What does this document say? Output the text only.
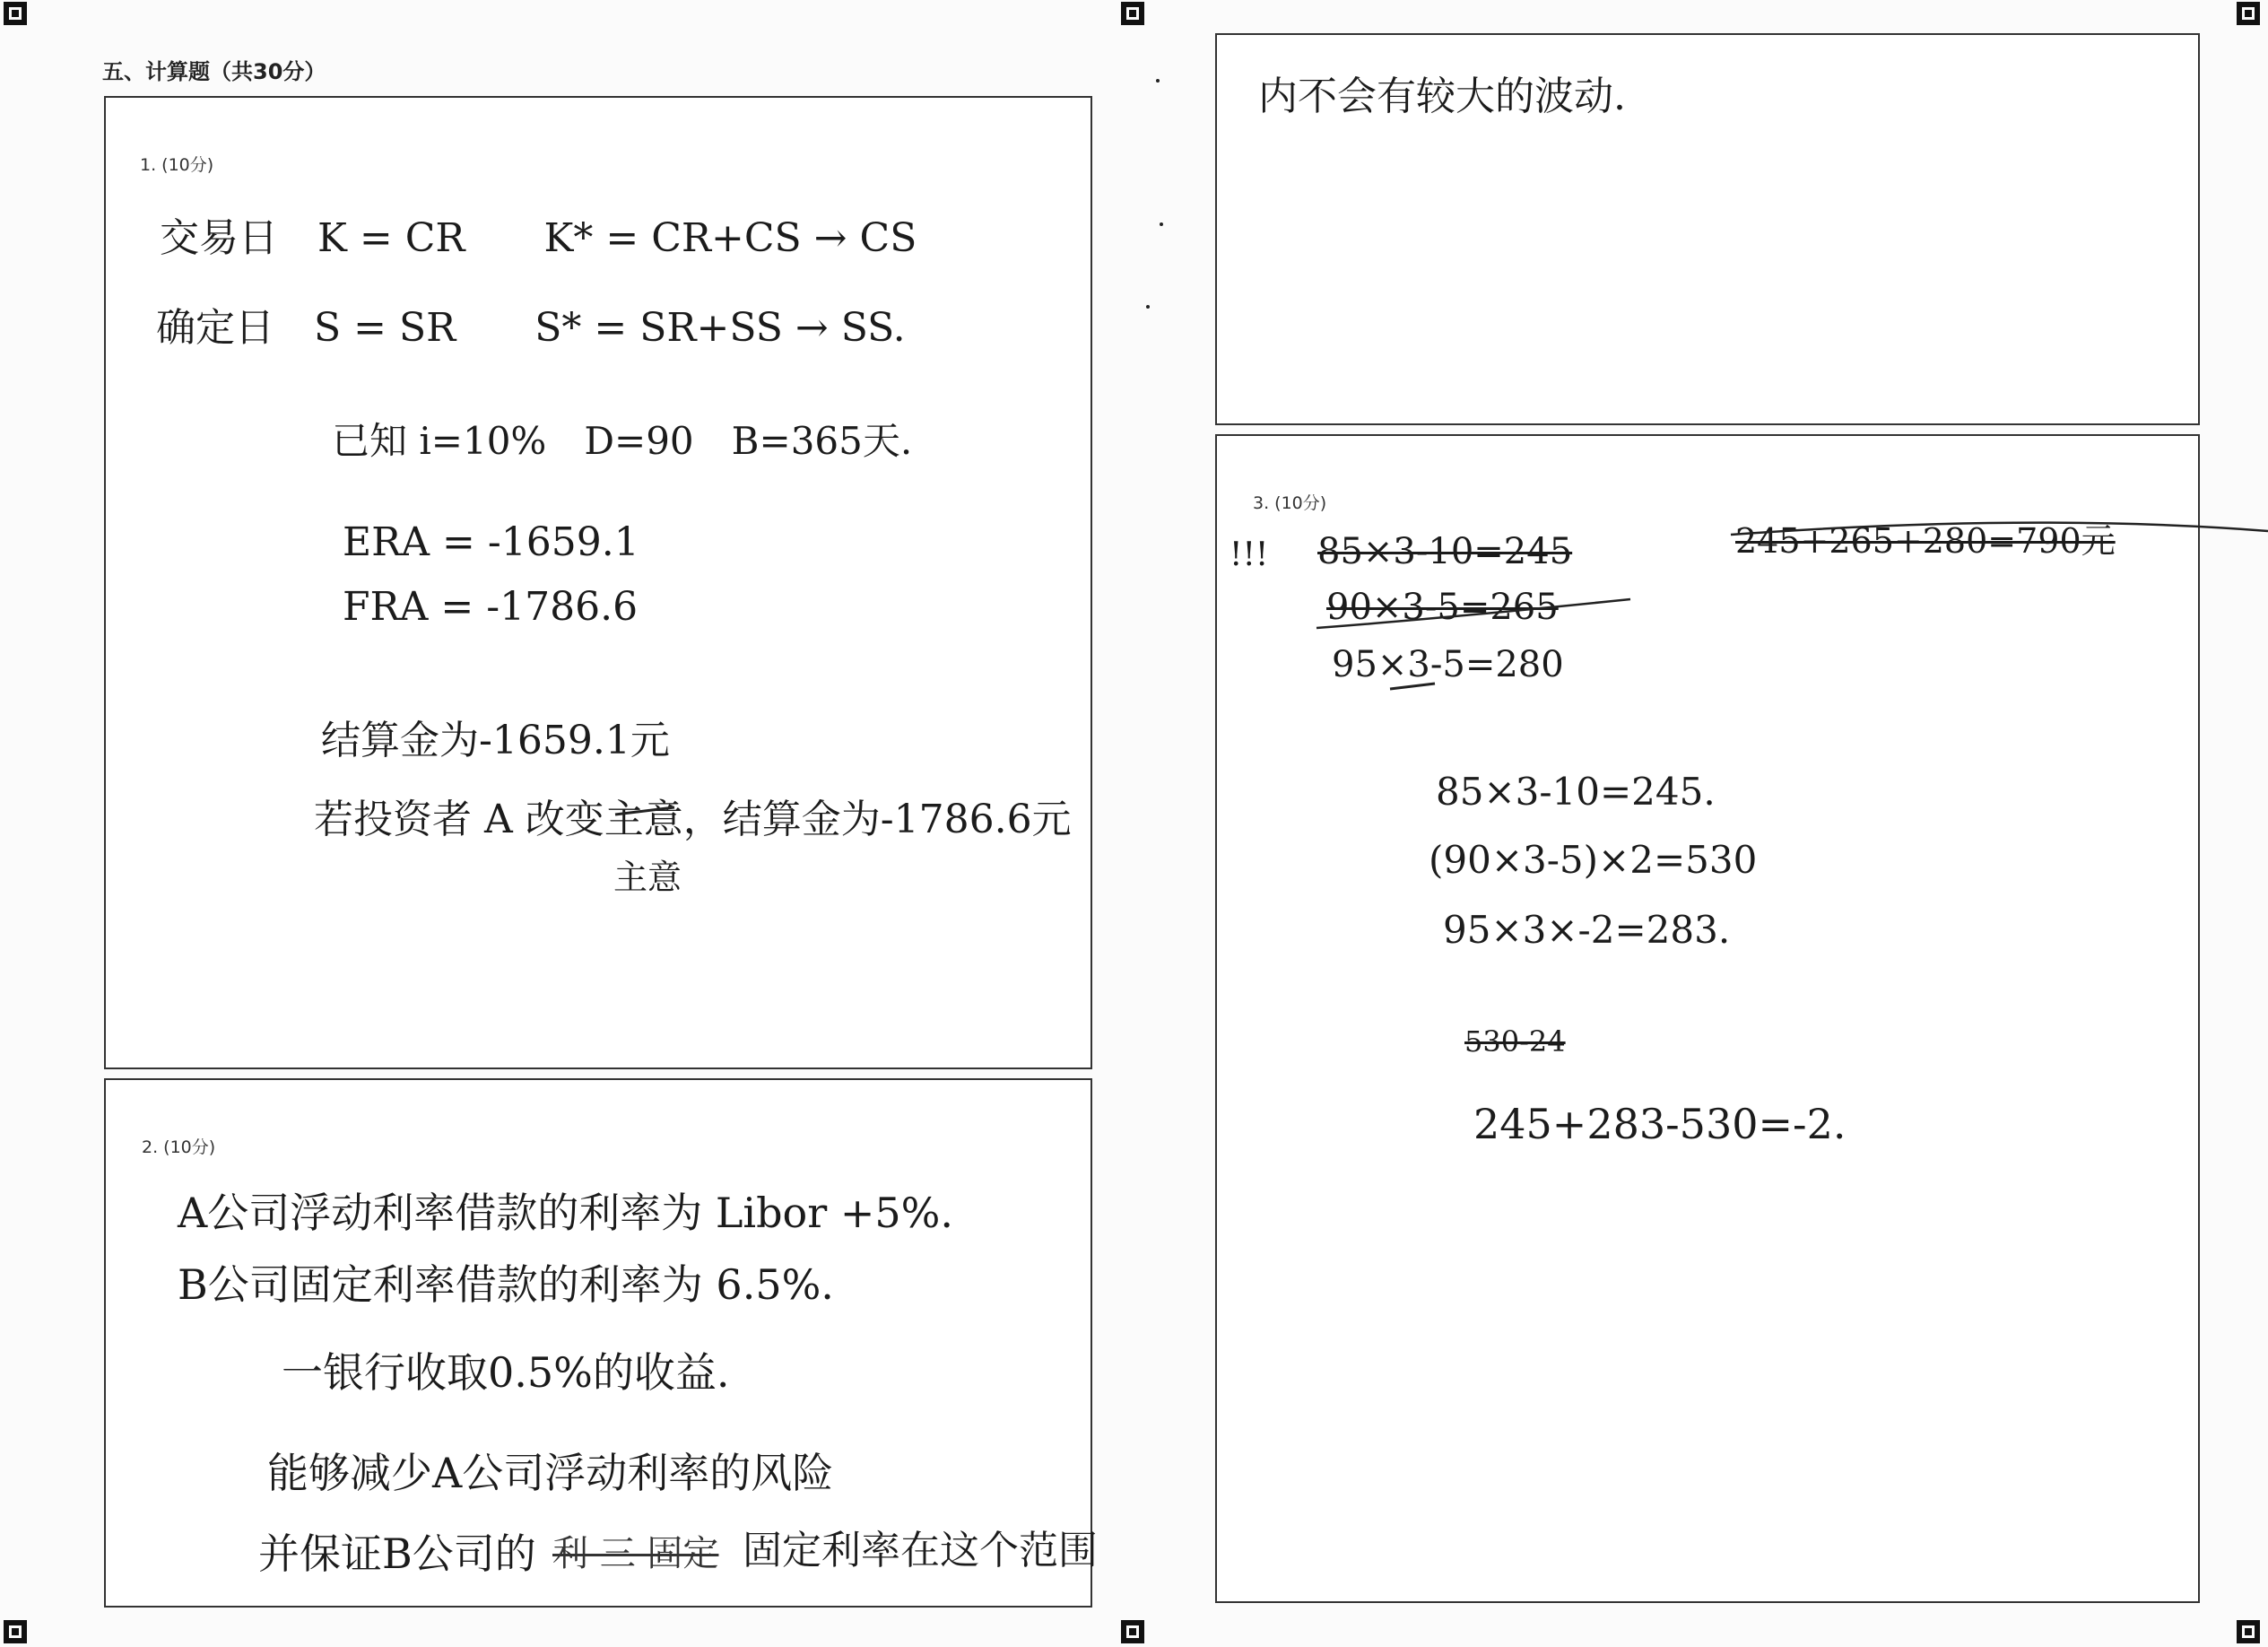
五、计算题（共30分）
1. (10分)
交易日　K = CR　　K* = CR+CS → CS
确定日　S = SR　　S* = SR+SS → SS.
已知 i=10%　D=90　B=365天.
ERA = -1659.1
FRA = -1786.6
结算金为-1659.1元
若投资者 A 改变主意，结算金为-1786.6元
主意
2. (10分)
A公司浮动利率借款的利率为 Libor +5%.
B公司固定利率借款的利率为 6.5%.
一银行收取0.5%的收益.
能够减少A公司浮动利率的风险
并保证B公司的 利 三 固定 固定利率在这个范围
内不会有较大的波动.
3. (10分)
!!! 85×3-10=245
90×3-5=265
95×3-5=280
245+265+280=790元
85×3-10=245.
(90×3-5)×2=530
95×3×-2=283.
530-24
245+283-530=-2.
